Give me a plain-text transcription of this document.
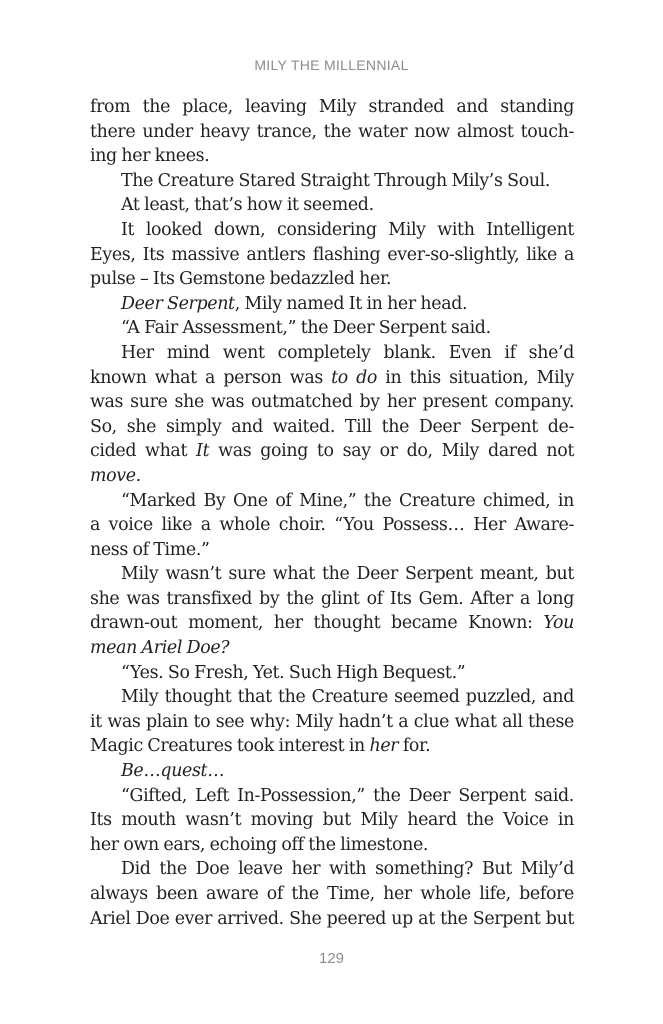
MILY THE MILLENNIAL
from the place, leaving Mily stranded and standing
there under heavy trance, the water now almost touch-
ing her knees.
The Creature Stared Straight Through Mily’s Soul.
At least, that’s how it seemed.
It looked down, considering Mily with Intelligent
Eyes, Its massive antlers flashing ever-so-slightly, like a
pulse – Its Gemstone bedazzled her.
Deer Serpent, Mily named It in her head.
“A Fair Assessment,” the Deer Serpent said.
Her mind went completely blank. Even if she’d
known what a person was to do in this situation, Mily
was sure she was outmatched by her present company.
So, she simply and waited. Till the Deer Serpent de-
cided what It was going to say or do, Mily dared not
move.
“Marked By One of Mine,” the Creature chimed, in
a voice like a whole choir. “You Possess… Her Aware-
ness of Time.”
Mily wasn’t sure what the Deer Serpent meant, but
she was transfixed by the glint of Its Gem. After a long
drawn-out moment, her thought became Known: You
mean Ariel Doe?
“Yes. So Fresh, Yet. Such High Bequest.”
Mily thought that the Creature seemed puzzled, and
it was plain to see why: Mily hadn’t a clue what all these
Magic Creatures took interest in her for.
Be…quest…
“Gifted, Left In-Possession,” the Deer Serpent said.
Its mouth wasn’t moving but Mily heard the Voice in
her own ears, echoing off the limestone.
Did the Doe leave her with something? But Mily’d
always been aware of the Time, her whole life, before
Ariel Doe ever arrived. She peered up at the Serpent but
129
